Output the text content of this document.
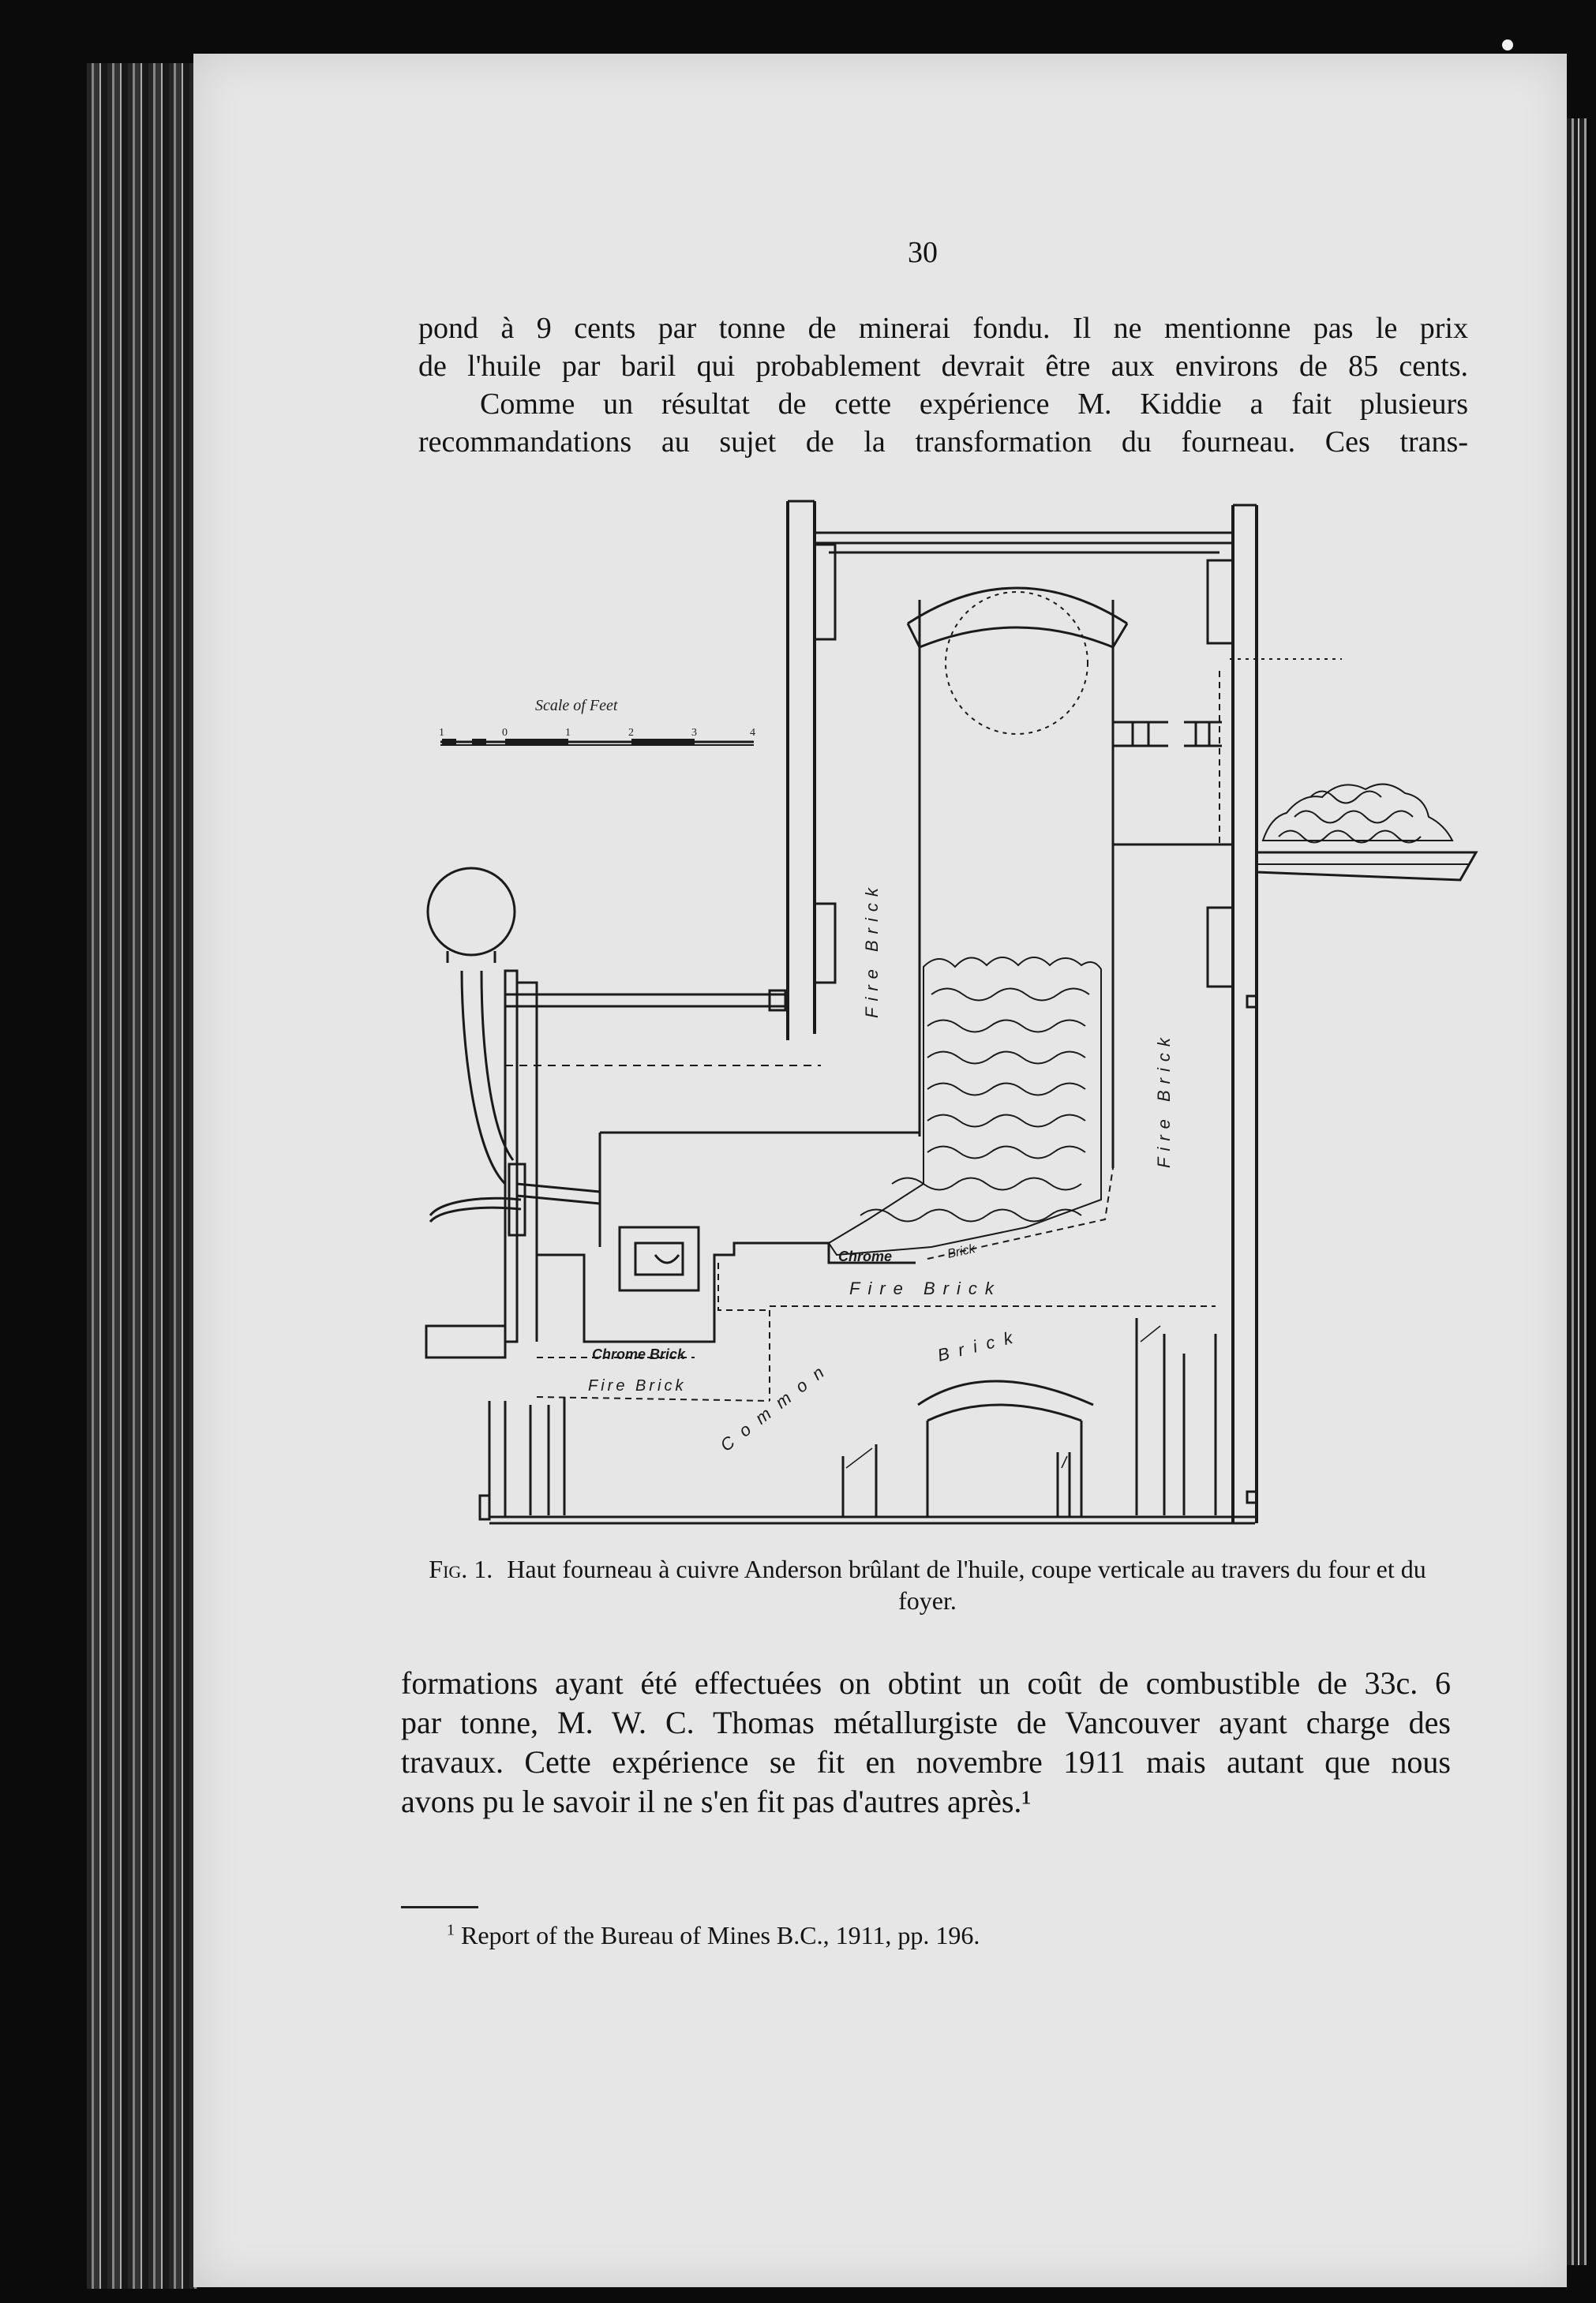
30
pond à 9 cents par tonne de minerai fondu. Il ne mentionne pas le prix
de l'huile par baril qui probablement devrait être aux environs de 85 cents.
Comme un résultat de cette expérience M. Kiddie a fait plusieurs
recommandations au sujet de la transformation du fourneau. Ces trans-
Scale of Feet
1	0	1	2	3	4
Fire Brick
Fire Brick
Chrome	Brick
Fire Brick
Chrome Brick
Fire Brick Common
Brick
Fig. 1. Haut fourneau à cuivre Anderson brûlant de l'huile, coupe verticale au travers du four et du foyer.
formations ayant été effectuées on obtint un coût de combustible de 33c. 6
par tonne, M. W. C. Thomas métallurgiste de Vancouver ayant charge des
travaux. Cette expérience se fit en novembre 1911 mais autant que nous
avons pu le savoir il ne s'en fit pas d'autres après.¹
$^1$ Report of the Bureau of Mines B.C., 1911, pp. 196.
